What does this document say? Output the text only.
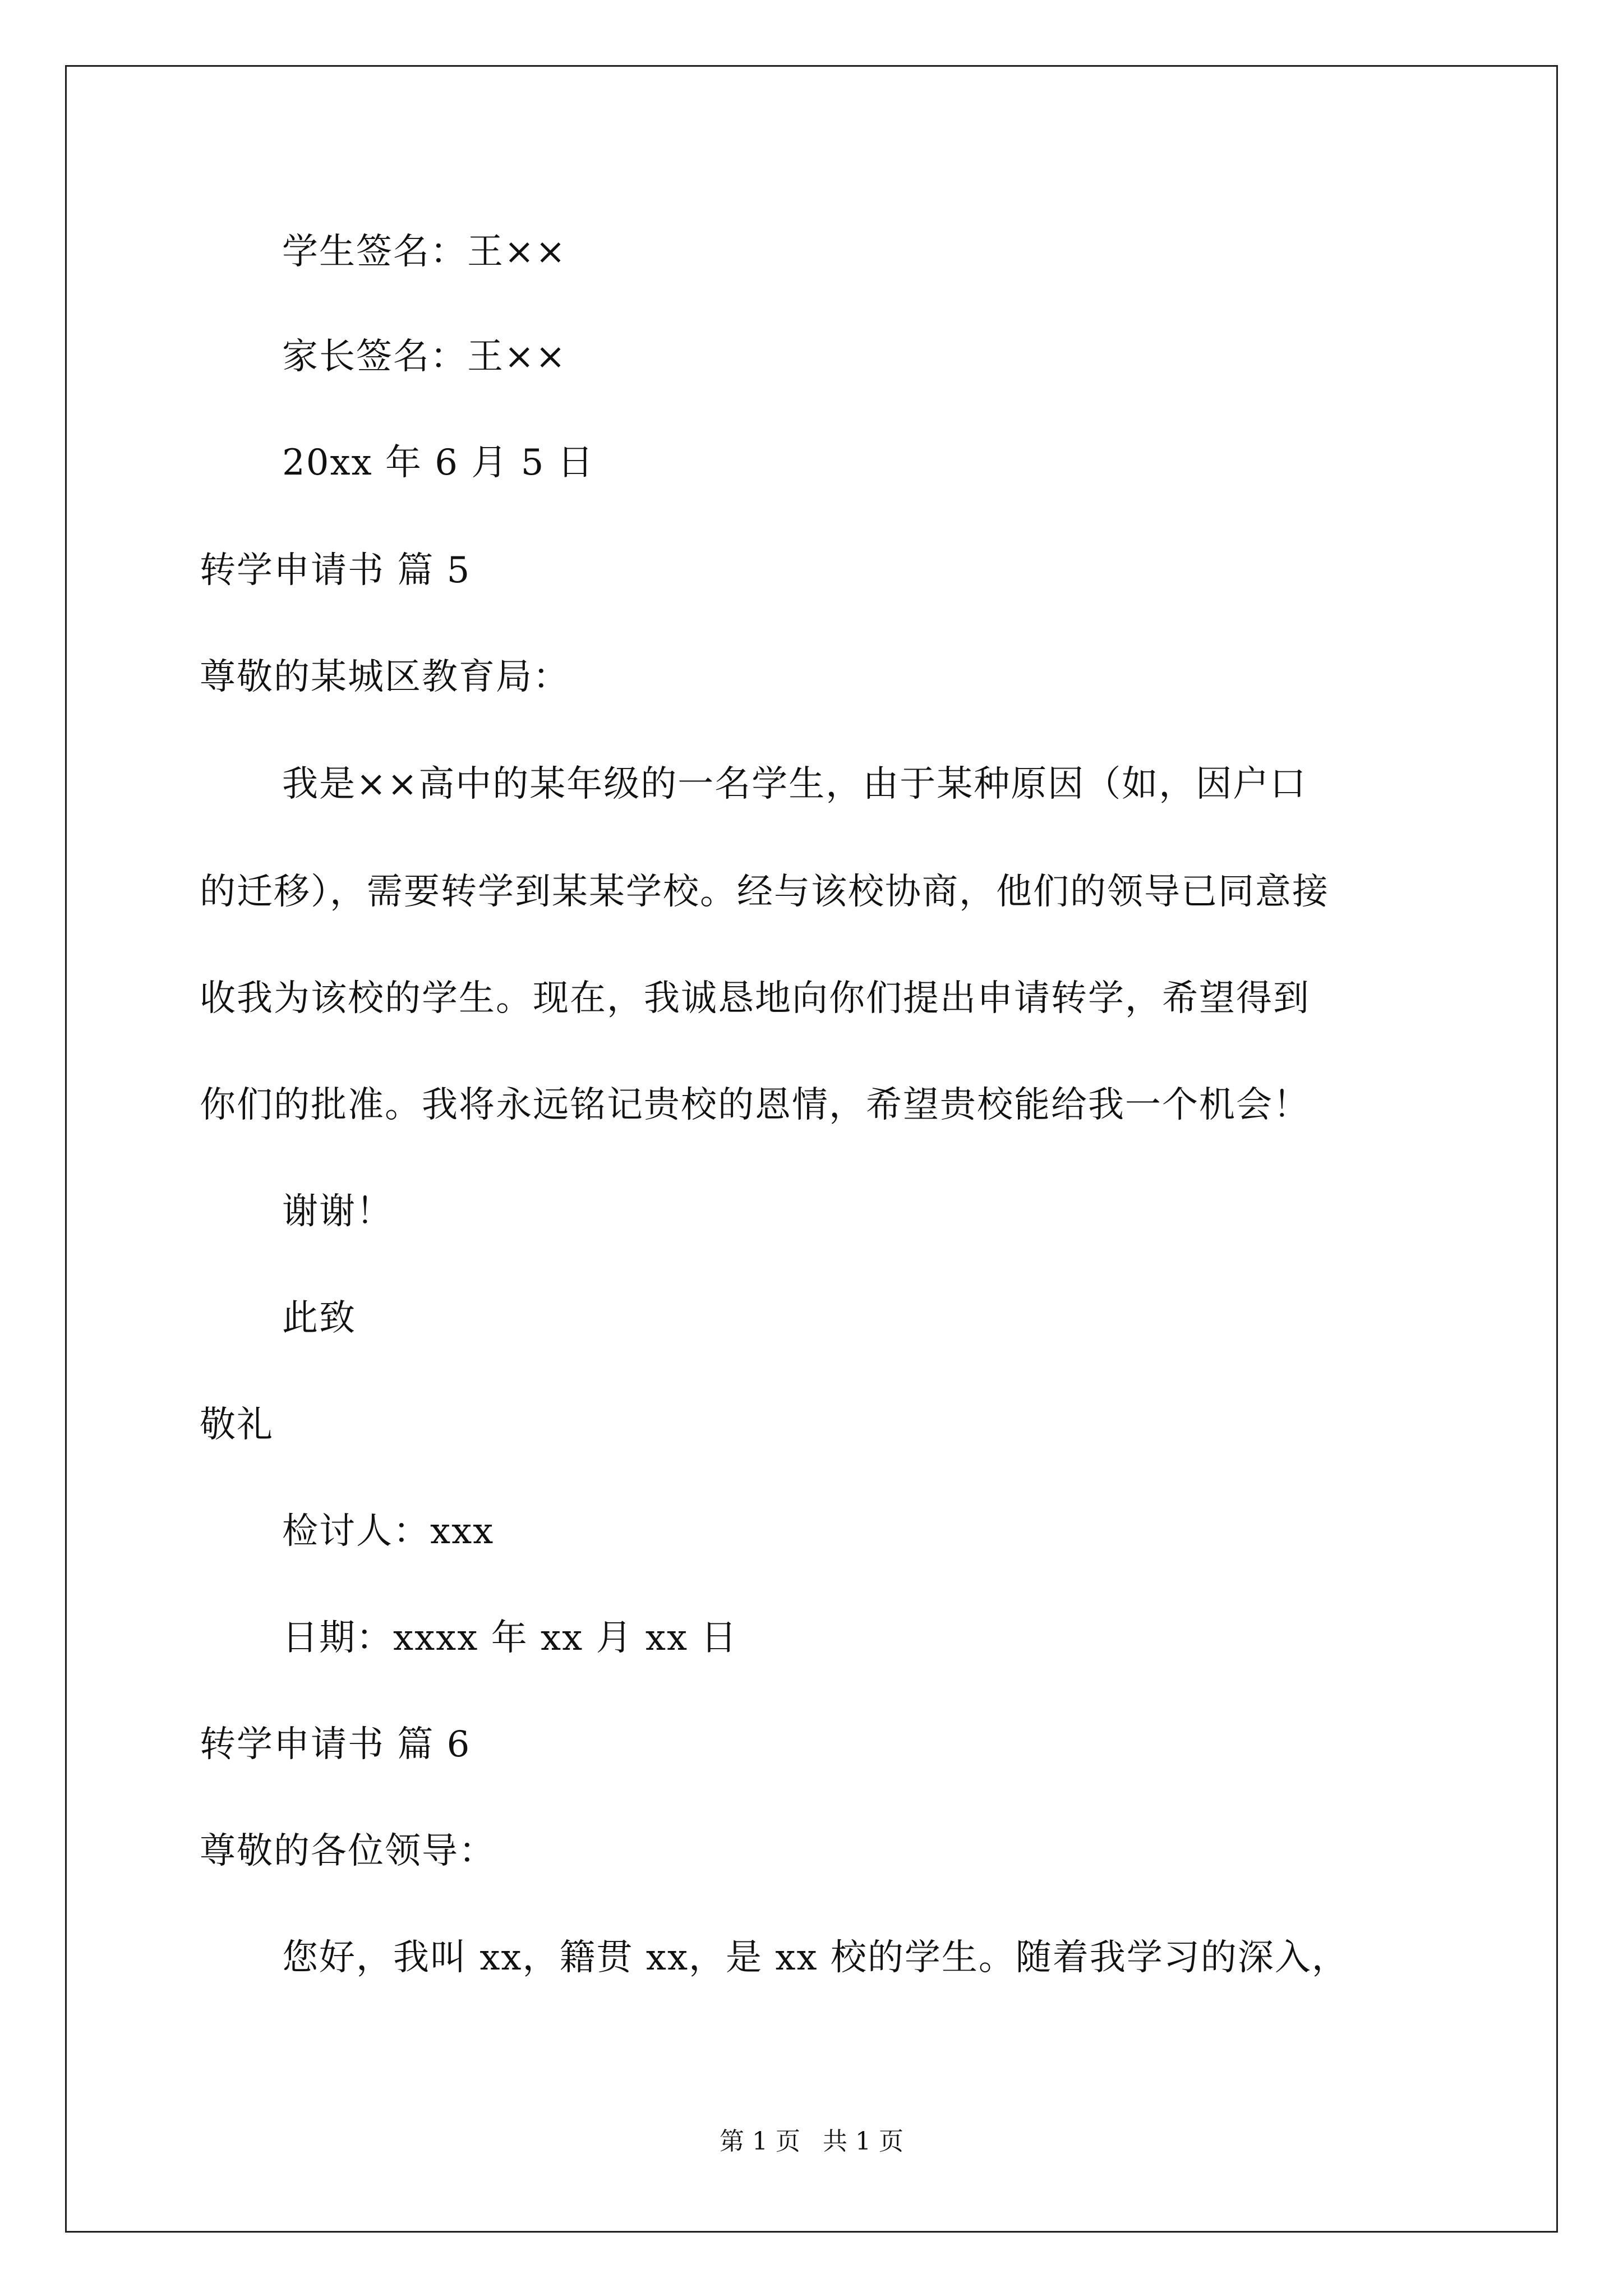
学生签名：王××
家长签名：王××
20xx 年 6 月 5 日
转学申请书 篇 5
尊敬的某城区教育局：
我是××高中的某年级的一名学生，由于某种原因（如，因户口
的迁移），需要转学到某某学校。经与该校协商，他们的领导已同意接
收我为该校的学生。现在，我诚恳地向你们提出申请转学，希望得到
你们的批准。我将永远铭记贵校的恩情，希望贵校能给我一个机会！
谢谢！
此致
敬礼
检讨人：xxx
日期：xxxx 年 xx 月 xx 日
转学申请书 篇 6
尊敬的各位领导：
您好，我叫 xx，籍贯 xx，是 xx 校的学生。随着我学习的深入，
第 1 页 共 1 页
